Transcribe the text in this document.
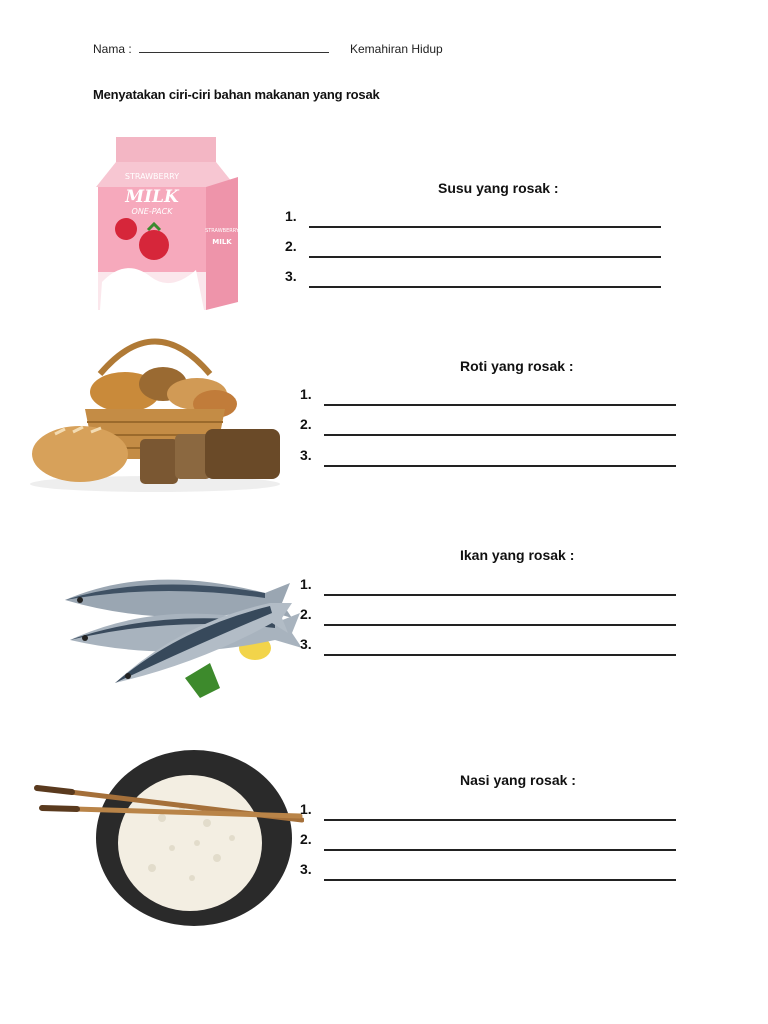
Nama :	Kemahiran Hidup
Menyatakan ciri-ciri bahan makanan yang rosak
STRAWBERRY
MILK
ONE-PACK
STRAWBERRY
MILK
Susu yang rosak :
1.
2.
3.
Roti yang rosak :
1.
2.
3.
Ikan yang rosak :
1.
2.
3.
Nasi yang rosak :
1.
2.
3.
